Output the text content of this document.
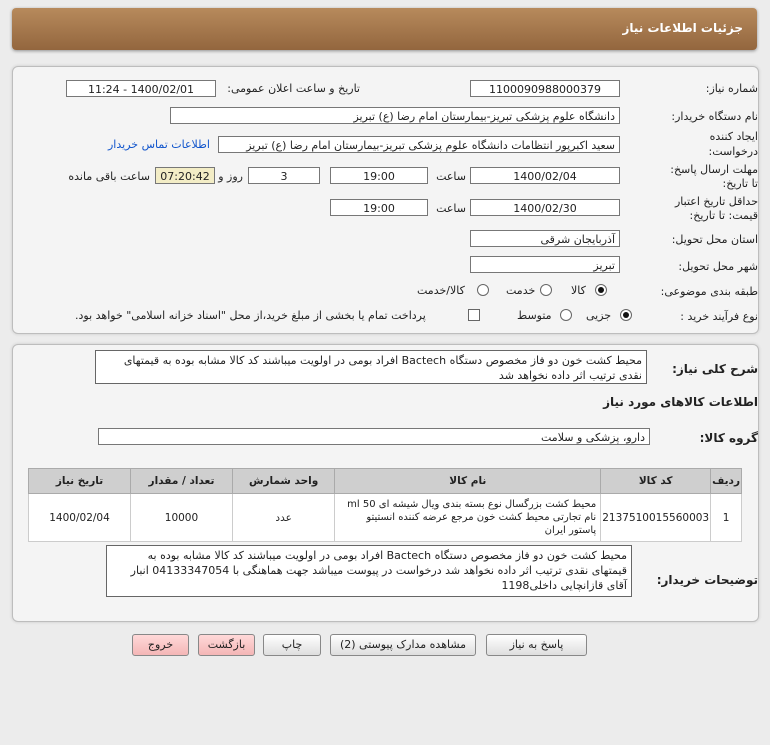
جزئیات اطلاعات نیاز
شماره نیاز:
1100090988000379
تاریخ و ساعت اعلان عمومی:
1400/02/01 - 11:24
نام دستگاه خریدار:
دانشگاه علوم پزشکی تبریز-بیمارستان امام رضا (ع) تبریز
ایجاد کننده
درخواست:
سعید اکبرپور انتظامات دانشگاه علوم پزشکی تبریز-بیمارستان امام رضا (ع) تبریز
اطلاعات تماس خریدار
مهلت ارسال پاسخ:
تا تاریخ:
1400/02/04
ساعت
19:00
3
روز و
07:20:42
ساعت باقی مانده
حداقل تاریخ اعتبار
قیمت: تا تاریخ:
1400/02/30
ساعت
19:00
استان محل تحویل:
آذربایجان شرقی
شهر محل تحویل:
تبریز
طبقه بندی موضوعی:
کالا
خدمت
کالا/خدمت
نوع فرآیند خرید :
جزیی
متوسط
پرداخت تمام یا بخشی از مبلغ خرید،از محل "اسناد خزانه اسلامی" خواهد بود.
شرح کلی نیاز:
محیط کشت خون دو فاز مخصوص دستگاه Bactech افراد بومی در اولویت میباشند کد کالا مشابه بوده به قیمتهای نقدی ترتیب اثر داده نخواهد شد
اطلاعات کالاهای مورد نیاز
گروه کالا:
دارو، پزشکی و سلامت
ردیف	کد کالا	نام کالا	واحد شمارش	تعداد / مقدار	تاریخ نیاز
1	2137510015560003	محیط کشت بزرگسال نوع بسته بندی ویال شیشه ای 50 ml
نام تجارتی محیط کشت خون مرجع عرضه کننده انستیتو
پاستور ایران	عدد	10000	1400/02/04
توضیحات خریدار:
محیط کشت خون دو فاز مخصوص دستگاه Bactech افراد بومی در اولویت میباشند کد کالا مشابه بوده به قیمتهای نقدی ترتیب اثر داده نخواهد شد درخواست در پیوست میباشد جهت هماهنگی با 04133347054 انبار آقای قازانچایی داخلی1198
پاسخ به نیاز
مشاهده مدارک پیوستی (2)
چاپ
بازگشت
خروج
